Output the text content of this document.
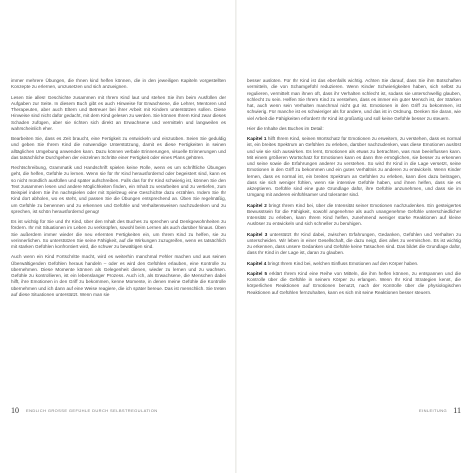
immer mehrere Übungen, die Ihnen kind helfen können, die in den jeweiligen Kapiteln vorgestellten Konzepte zu erlernen, umzusetzen und sich anzueignen.

Lesen Sie alles! Geschichte zusammen mit Ihrem Kind laut und stehen Sie ihm beim Ausfüllen der Aufgaben zur Seite. In diesem Buch gibt es auch Hinweise für Erwachsene, die Lehrer, Mentoren und Therapeuten, aber auch Eltern und Betreuer bei ihrer Arbeit mit Kindern unterstützen sollen. Diese Hinweise sind nicht dafür gedacht, mit dem Kind gelesen zu werden. Sie können Ihrem Kind zwar dieses Schaden zufügen, aber sie richten sich direkt an Erwachsene und vermitteln und langweilen es wahrscheinlich eher.

Bearbeiten Sie, dass es Zeit braucht, eine Fertigkeit zu entwickeln und einzuüben. Seien Sie geduldig und geben Sie Ihrem Kind die notwendige Unterstützung, damit es diese Fertigkeiten in seinen alltäglichen Umgebung anwenden kann. Dazu können verbale Erinnerungen, visuelle Erinnerungen und das tatsächliche Durchgehen der einzelnen Schritte einer Fertigkeit oder eines Plans gehören.

Rechtschreibung, Grammatik und Handschrift spielen keine Rolle, wenn es um schriftliche Übungen geht, die helfen, Gefühle zu lernen. Wenn sie für Ihr Kind herausfordernd oder begeistert sind, kann es so nicht mündlich ausfüllen und später aufschreiben. Falls das für Ihr Kind schwierig ist, können Sie den Text zusammen lesen und andere Möglichkeiten finden, ein Inhalt zu verarbeiten und zu vertiefen, zum Beispiel indem Sie ihn nachspielen oder mit Spielzeug eine Geschichte dazu erzählen. Indem Sie Ihr Kind dort abholen, wo es steht, und passen Sie die Übungen entsprechend an. Üben Sie regelmäßig, um Gefühle zu benennen und zu erkennen und Gefühle und Verhaltensweisen nachzudenken und zu sprechen, ist schön herausfordernd genug!

Es ist wichtig für Sie und Ihr Kind, über den Inhalt des Buches zu sprechen und Denkgewohnheiten zu fördern. Ihr mit Situationen im Leben zu verknüpfen, sowohl beim Lernen als auch darüber hinaus. Üben Sie außerdem immer wieder die neu erlernten Fertigkeiten ein, um Ihrem Kind zu helfen, sie zu verinnerlichen. So unterstützen Sie seine Fähigkeit, auf die Wirkungen zuzugreifen, wenn es tatsächlich mit starken Gefühlen konfrontiert wird, die schwer zu bewältigen sind.

Auch wenn ein Kind Fortschritte macht, wird es weiterhin manchmal Fehler machen und aus seinen Überwältigenden Gefühlen heraus handeln – oder es wird den Gefühlen erlauben, eine Kontrolle zu übernehmen. Diese Momente können als Gelegenheit dienen, wieder zu lernen und zu wachsen. Gefühle zu kontrollieren, ist ein lebenslanger Prozess. Auch ich, als Erwachsene, die Menschen dabei hilft, ihre Emotionen in den Griff zu bekommen, kenne Momente, in denen meine Gefühle die Kontrolle übernehmen und ich dann auf eine Weise reagiere, die ich später bereue. Das ist menschlich. Sie treten auf diese Situationen unterstützt. Wenn man sie

10 ENDLICH GROSSE GEFÜHLE DURCH SELBSTREGULATION

besser ausloten. Für Ihr Kind ist das ebenfalls wichtig. Achten Sie darauf, dass Sie ihm Botschaften vermitteln, die von Schamgefühl reduzieren. Wenn Kinder Schwierigkeiten haben, sich selbst zu regulieren, vermittelt man ihnen oft, dass ihr Verhalten schlecht ist, sodass sie unterschwellig glauben, schlecht zu sein. Helfen Sie Ihrem Kind zu verstehen, dass es immer ein guter Mensch ist, der Stärken hat, auch wenn sein Verhalten manchmal nicht gut ist. Emotionen in den Griff zu bekommen, ist schwierig. Für manche ist es schwieriger als für andere, und das ist in Ordnung. Denken Sie daran, wie viel Arbeit die Fähigkeiten erfordert! Ihr Kind ist großartig und soll keine Gefühle besser zu steuern.

Hier die Inhalte des Buches im Detail:

Kapitel 1 hilft Ihrem Kind, seinen Wortschatz für Emotionen zu erweitern, zu verstehen, dass es normal ist, ein breites Spektrum an Gefühlen zu erleben, darüber nachzudenken, was diese Emotionen auslöst und wie sie sich auswirken. Es lernt, Emotionen als etwas zu betrachten, was man beeinflussen kann. Mit einem größeren Wortschatz für Emotionen kann es dann Ihre ermöglichen, sie besser zu erkennen und seine sowie die Erfahrungen anderer zu verstehen. So wird Ihr Kind in die Lage versetzt, seine Emotionen in den Griff zu bekommen und ein gutes Verhältnis zu anderen zu entwickeln. Wenn Kinder lernen, dass es normal ist, ein breites Spektrum an Gefühlen zu erleben, kann dies dazu beitragen, dass sie sich weniger fühlen, wenn sie intensive Gefühle haben, und ihnen helfen, dass sie es akzeptieren. Gefühle sind eine gute Grundlage dafür, ihre Gefühle anzunehmen, und dass sie im Umgang mit anderen einfühlsamer und toleranter sind.

Kapitel 2 bringt Ihrem Kind bei, über die Intensität seiner Emotionen nachzudenken. Ein gesteigertes Bewusstsein für die Fähigkeit, sowohl angenehme als auch unangenehme Gefühle unterschiedlicher Intensität zu erleben, kann Ihrem Kind helfen, zunehmend weniger starke Reaktionen auf kleine Auslöser zu entwickeln und sich schneller zu beruhigen.

Kapitel 3 unterstützt Ihr Kind dabei, zwischen Erfahrungen, Gedanken, Gefühlen und Verhalten zu unterscheiden. Wir leben in einer Gesellschaft, die dazu neigt, dies alles zu vermischen. Es ist wichtig zu erkennen, dass unsere Gedanken und Gefühle keine Tatsachen sind. Das bildet die Grundlage dafür, dass Ihr Kind in der Lage ist, daran zu glauben.

Kapitel 4 bringt Ihrem Kind bei, welchen Einfluss Emotionen auf den Körper haben.

Kapitel 5 erklärt Ihrem Kind eine Reihe von Mitteln, die ihm helfen können, zu entspannen und die Kontrolle über die Gefühle in seinem Körper zu erlangen. Wenn Ihr Kind Strategien kennt, die körperlichen Reaktionen auf Emotionen benutzt, nach der Kontrolle über die physiologischen Reaktionen auf Gefühlen fernzuhalten, kann es sich mit seine Reaktionen besser steuern.

EINLEITUNG 11
